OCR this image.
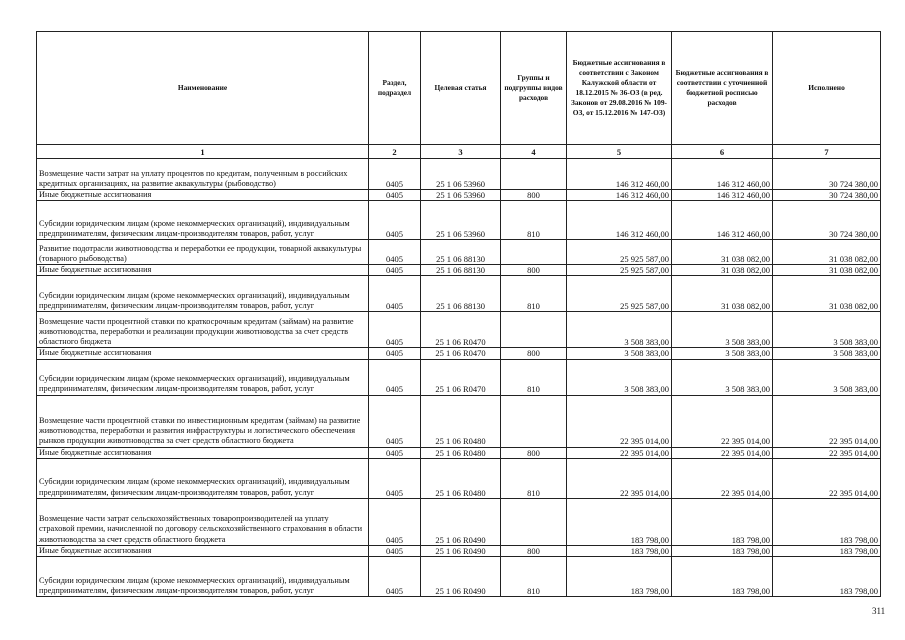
Наименование	Раздел, подраздел	Целевая статья	Группы и подгруппы видов расходов	Бюджетные ассигнования в соответствии с Законом Калужской области от 18.12.2015 № 36-ОЗ (в ред. Законов от 29.08.2016 № 109-ОЗ, от 15.12.2016 № 147-ОЗ)	Бюджетные ассигнования в соответствии с уточненной бюджетной росписью расходов	Исполнено
1	2	3	4	5	6	7
Возмещение части затрат на уплату процентов по кредитам, полученным в российских кредитных организациях, на развитие аквакультуры (рыбоводство)	0405	25 1 06 53960		146 312 460,00	146 312 460,00	30 724 380,00
Иные бюджетные ассигнования	0405	25 1 06 53960	800	146 312 460,00	146 312 460,00	30 724 380,00
Субсидии юридическим лицам (кроме некоммерческих организаций), индивидуальным предпринимателям, физическим лицам-производителям товаров, работ, услуг	0405	25 1 06 53960	810	146 312 460,00	146 312 460,00	30 724 380,00
Развитие подотрасли животноводства и переработки ее продукции, товарной аквакультуры (товарного рыбоводства)	0405	25 1 06 88130		25 925 587,00	31 038 082,00	31 038 082,00
Иные бюджетные ассигнования	0405	25 1 06 88130	800	25 925 587,00	31 038 082,00	31 038 082,00
Субсидии юридическим лицам (кроме некоммерческих организаций), индивидуальным предпринимателям, физическим лицам-производителям товаров, работ, услуг	0405	25 1 06 88130	810	25 925 587,00	31 038 082,00	31 038 082,00
Возмещение части процентной ставки по краткосрочным кредитам (займам) на развитие животноводства, переработки и реализации продукции животноводства за счет средств областного бюджета	0405	25 1 06 R0470		3 508 383,00	3 508 383,00	3 508 383,00
Иные бюджетные ассигнования	0405	25 1 06 R0470	800	3 508 383,00	3 508 383,00	3 508 383,00
Субсидии юридическим лицам (кроме некоммерческих организаций), индивидуальным предпринимателям, физическим лицам-производителям товаров, работ, услуг	0405	25 1 06 R0470	810	3 508 383,00	3 508 383,00	3 508 383,00
Возмещение части процентной ставки по инвестиционным кредитам (займам) на развитие животноводства, переработки и развития инфраструктуры и логистического обеспечения рынков продукции животноводства за счет средств областного бюджета	0405	25 1 06 R0480		22 395 014,00	22 395 014,00	22 395 014,00
Иные бюджетные ассигнования	0405	25 1 06 R0480	800	22 395 014,00	22 395 014,00	22 395 014,00
Субсидии юридическим лицам (кроме некоммерческих организаций), индивидуальным предпринимателям, физическим лицам-производителям товаров, работ, услуг	0405	25 1 06 R0480	810	22 395 014,00	22 395 014,00	22 395 014,00
Возмещение части затрат сельскохозяйственных товаропроизводителей на уплату страховой премии, начисленной по договору сельскохозяйственного страхования в области животноводства за счет средств областного бюджета	0405	25 1 06 R0490		183 798,00	183 798,00	183 798,00
Иные бюджетные ассигнования	0405	25 1 06 R0490	800	183 798,00	183 798,00	183 798,00
Субсидии юридическим лицам (кроме некоммерческих организаций), индивидуальным предпринимателям, физическим лицам-производителям товаров, работ, услуг	0405	25 1 06 R0490	810	183 798,00	183 798,00	183 798,00
311
